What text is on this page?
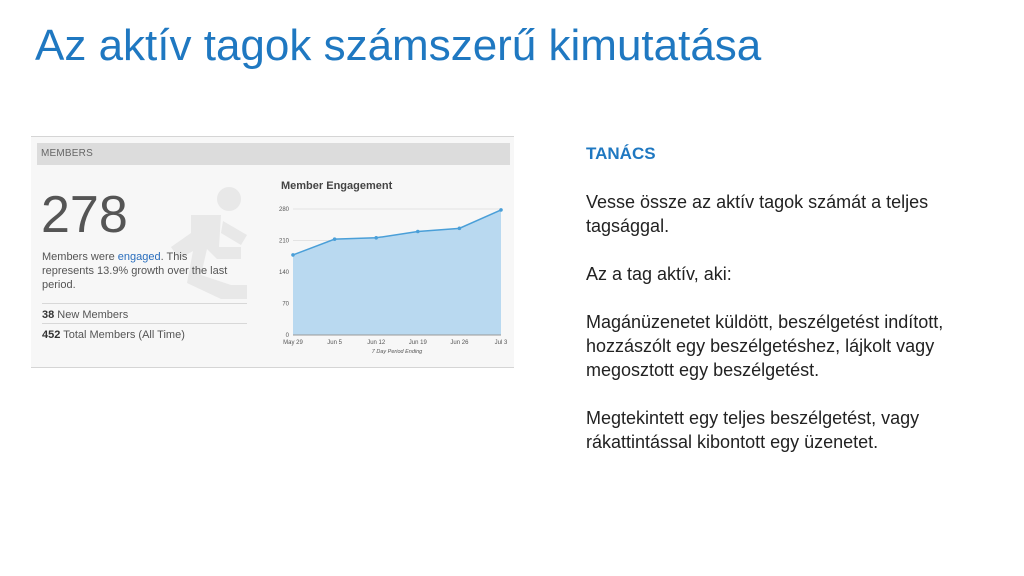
Az aktív tagok számszerű kimutatása
MEMBERS
278
Members were engaged. This represents 13.9% growth over the last period.
38 New Members
452 Total Members (All Time)
Member Engagement
0
70
140
210
280
May 29	Jun 5	Jun 12	Jun 19	Jun 26	Jul 3
7 Day Period Ending
TANÁCS

Vesse össze az aktív tagok számát a teljes tagsággal.

Az a tag aktív, aki:

Magánüzenetet küldött, beszélgetést indított, hozzászólt egy beszélgetéshez, lájkolt vagy megosztott egy beszélgetést.

Megtekintett egy teljes beszélgetést, vagy rákattintással kibontott egy üzenetet.
